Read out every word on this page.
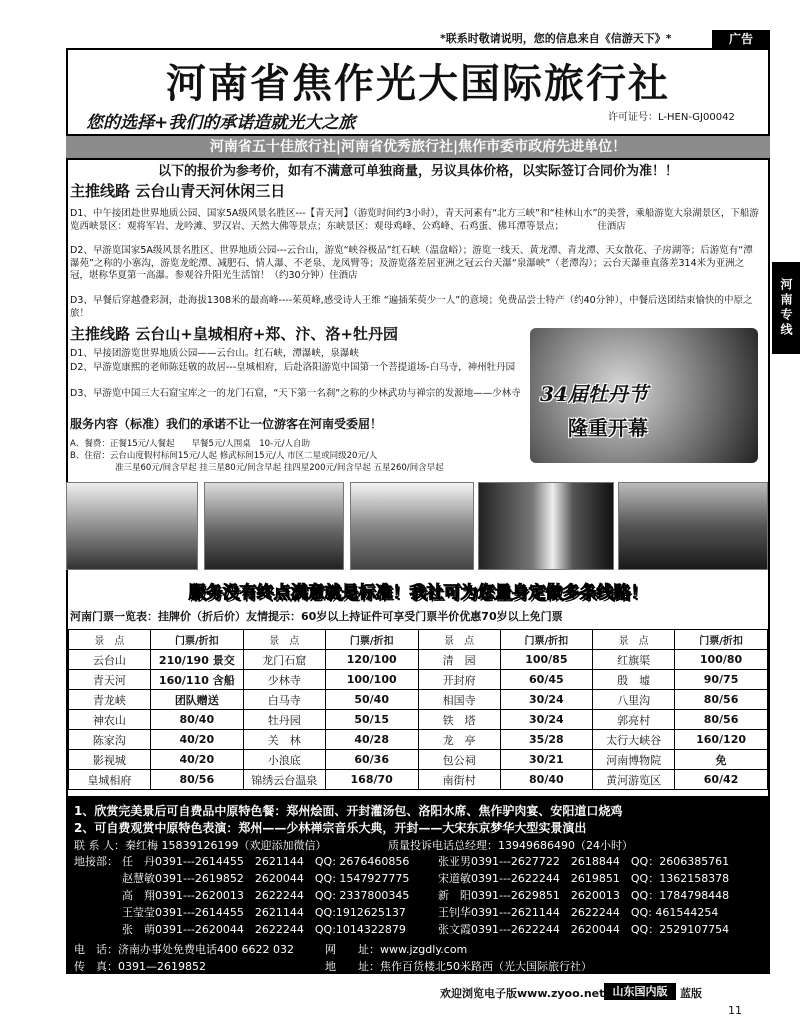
*联系时敬请说明，您的信息来自《信游天下》*	广告
河南省焦作光大国际旅行社
您的选择+我们的承诺造就光大之旅	许可证号：L-HEN-GJ00042
河南省五十佳旅行社|河南省优秀旅行社|焦作市委市政府先进单位！
以下的报价为参考价，如有不满意可单独商量，另议具体价格，以实际签订合同价为准！！
主推线路 云台山青天河休闲三日
D1、中午接团赴世界地质公园、国家5A级风景名胜区---【青天河】（游览时间约3小时），青天河素有“北方三峡”和“桂林山水”的美誉，乘船游览大泉湖景区，下船游览西峡景区：观将军岩、龙吟滩、罗汉岩、天然大佛等景点；东峡景区：观母鸡峰、公鸡峰、石鸡蛋、佛耳潭等景点；　　　　住酒店
D2、早游览国家5A级风景名胜区、世界地质公园---云台山，游览“峡谷极品”红石峡（温盘峪）；游览一线天、黄龙潭、青龙潭、天女散花、子房湖等；后游览有“潭瀑苑”之称的小寨沟，游览龙蛇潭、减肥石、情人瀑、不老泉、龙凤臂等；及游览落差居亚洲之冠云台天瀑“泉瀑峡”（老潭沟）；云台天瀑垂直落差314米为亚洲之冠，堪称华夏第一高瀑。参观谷升阳光生活馆！（约30分钟）住酒店
D3、早餐后穿越叠彩洞，赴海拔1308米的最高峰----茱萸峰,感受诗人王维 “遍插茱萸少一人”的意境；免费品尝士特产（约40分钟），中餐后送团结束愉快的中原之旅！
主推线路 云台山+皇城相府+郑、汴、洛+牡丹园
D1、早接团游览世界地质公园——云台山。红石峡，潭瀑峡，泉瀑峡
D2、早游览康熙的老师陈廷敬的故居---皇城相府，后赴洛阳游览中国第一个菩提道场-白马寺，神州牡丹园
D3、早游览中国三大石窟宝库之一的龙门石窟，“天下第一名刹”之称的少林武功与禅宗的发源地——少林寺 34届牡丹节
隆重开幕
服务内容（标准）我们的承诺不让一位游客在河南受委屈！
A、餐费：正餐15元/人餐起　　早餐5元/人围桌　10-元/人自助
B、住宿：云台山度假村标间15元/人起 修武标间15元/人 市区二星或同级20元/人
准三星60元/间含早起 挂三星80元/间含早起 挂四星200元/间含早起 五星260/间含早起
服务没有终点满意就是标准！我社可为您量身定做多条线路！
河南门票一览表：挂牌价（折后价）友情提示：60岁以上持证件可享受门票半价优惠70岁以上免门票
景　点	门票/折扣	景　点	门票/折扣	景　点	门票/折扣	景　点	门票/折扣
云台山	210/190 景交	龙门石窟	120/100	清　园	100/85	红旗渠	100/80
青天河	160/110 含船	少林寺	100/100	开封府	60/45	殷　墟	90/75
青龙峡	团队赠送	白马寺	50/40	相国寺	30/24	八里沟	80/56
神农山	80/40	牡丹园	50/15	铁　塔	30/24	郭亮村	80/56
陈家沟	40/20	关　林	40/28	龙　亭	35/28	太行大峡谷	160/120
影视城	40/20	小浪底	60/36	包公祠	30/21	河南博物院	免
皇城相府	80/56	锦绣云台温泉	168/70	南街村	80/40	黄河游览区	60/42
1、欣赏完美景后可自费品中原特色餐：郑州烩面、开封灌汤包、洛阳水席、焦作驴肉宴、安阳道口烧鸡
2、可自费观赏中原特色表演：郑州——少林禅宗音乐大典，开封——大宋东京梦华大型实景演出
联 系 人：秦红梅 15839126199（欢迎添加微信）	质量投诉电话总经理：13949686490（24小时）
地接部： 任　丹0391---2614455　2621144　QQ: 2676460856	张亚男0391---2627722　2618844　QQ：2606385761
赵慧敏0391---2619852　2620044　QQ: 1547927775	宋道敏0391---2622244　2619851　QQ：1362158378
高　翔0391---2620013　2622244　QQ: 2337800345	新　阳0391---2629851　2620013　QQ：1784798448
王莹莹0391---2614455　2621144　QQ:1912625137	王钊华0391---2621144　2622244　QQ: 461544254
张　萌0391---2620044　2622244　QQ:1014322879	张文霞0391---2622244　2620044　QQ：2529107754
电　话：济南办事处免费电话400 6622 032	网　　址：www.jzgdly.com
传　真：0391—2619852	地　　址：焦作百货楼北50米路西（光大国际旅行社）
欢迎浏览电子版www.zyoo.net 山东国内版	蓝版
11
河南专线
